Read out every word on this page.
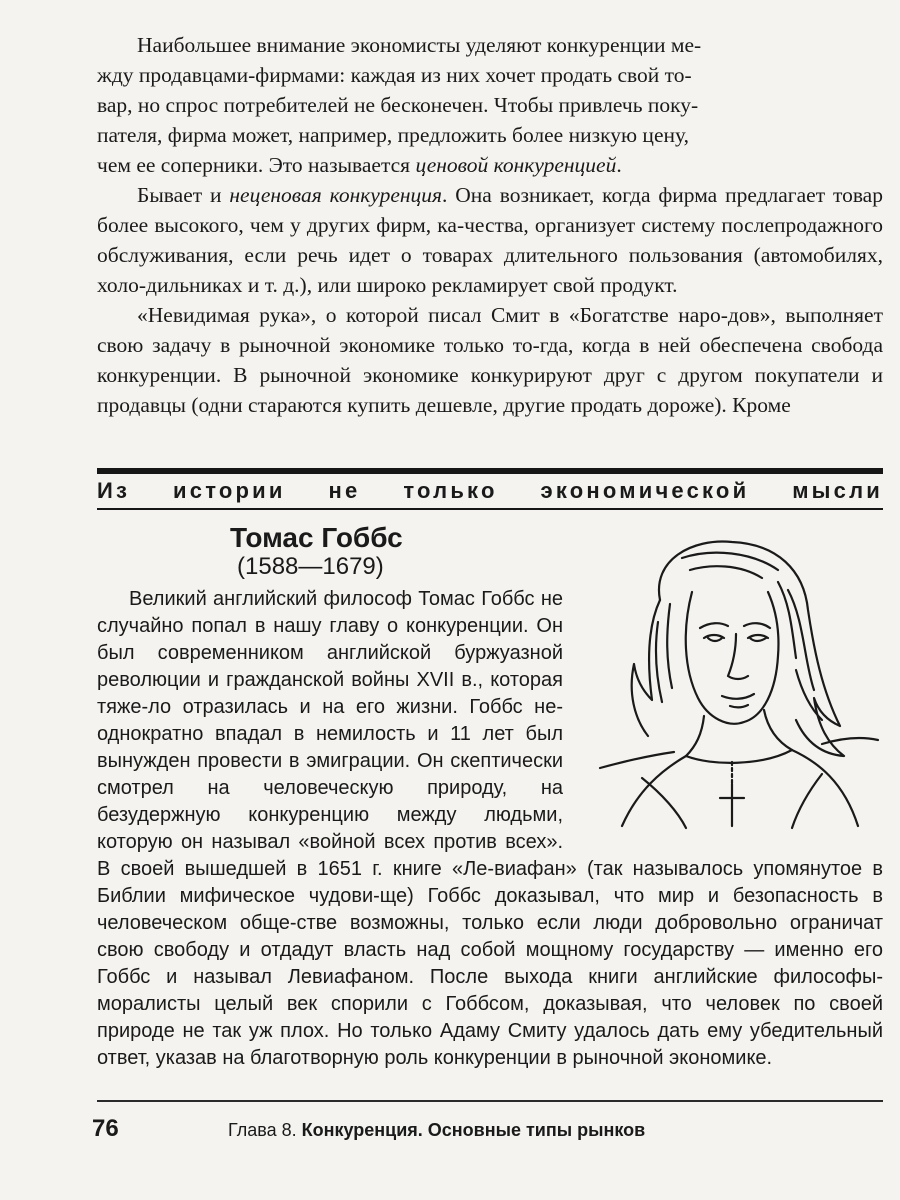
Наибольшее внимание экономисты уделяют конкуренции ме-
жду продавцами-фирмами: каждая из них хочет продать свой то-
вар, но спрос потребителей не бесконечен. Чтобы привлечь поку-
пателя, фирма может, например, предложить более низкую цену,
чем ее соперники. Это называется ценовой конкуренцией.

Бывает и неценовая конкуренция. Она возникает, когда фирма предлагает товар более высокого, чем у других фирм, ка-чества, организует систему послепродажного обслуживания, если речь идет о товарах длительного пользования (автомобилях, холо-дильниках и т. д.), или широко рекламирует свой продукт.

«Невидимая рука», о которой писал Смит в «Богатстве наро-дов», выполняет свою задачу в рыночной экономике только то-гда, когда в ней обеспечена свобода конкуренции. В рыночной экономике конкурируют друг с другом покупатели и продавцы (одни стараются купить дешевле, другие продать дороже). Кроме

Из истории не только экономической мысли
Томас Гоббс
(1588—1679)

Великий английский философ Томас Гоббс не случайно попал в нашу главу о конкуренции. Он был современником английской буржуазной революции и гражданской войны XVII в., которая тяже-ло отразилась и на его жизни. Гоббс не-однократно впадал в немилость и 11 лет был вынужден провести в эмиграции. Он скептически смотрел на человеческую природу, на безудержную конкуренцию между людьми, которую он называл «войной всех против всех». В своей вышедшей в 1651 г. книге «Ле-виафан» (так называлось упомянутое в Библии мифическое чудови-ще) Гоббс доказывал, что мир и безопасность в человеческом обще-стве возможны, только если люди добровольно ограничат свою свободу и отдадут власть над собой мощному государству — именно его Гоббс и называл Левиафаном. После выхода книги английские философы-моралисты целый век спорили с Гоббсом, доказывая, что человек по своей природе не так уж плох. Но только Адаму Смиту удалось дать ему убедительный ответ, указав на благотворную роль конкуренции в рыночной экономике.

76	Глава 8. Конкуренция. Основные типы рынков
